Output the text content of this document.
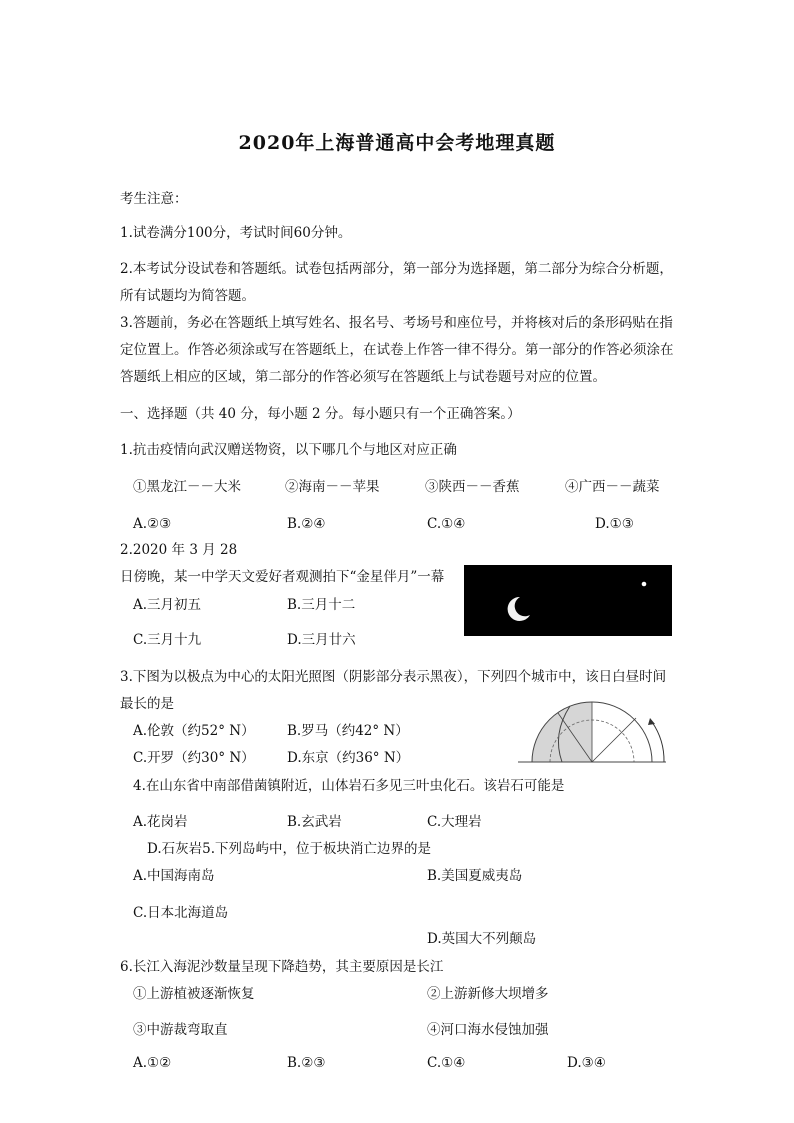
2020年上海普通高中会考地理真题
考生注意：
1.试卷满分100分，考试时间60分钟。
2.本考试分设试卷和答题纸。试卷包括两部分，第一部分为选择题，第二部分为综合分析题，
所有试题均为简答题。
3.答题前，务必在答题纸上填写姓名、报名号、考场号和座位号，并将核对后的条形码贴在指
定位置上。作答必须涂或写在答题纸上，在试卷上作答一律不得分。第一部分的作答必须涂在
答题纸上相应的区域，第二部分的作答必须写在答题纸上与试卷题号对应的位置。
一、选择题（共 40 分，每小题 2 分。每小题只有一个正确答案。）
1.抗击疫情向武汉赠送物资，以下哪几个与地区对应正确
①黑龙江－－大米	②海南－－苹果	③陕西－－香蕉	④广西－－蔬菜
A.②③	B.②④	C.①④	D.①③
2.2020 年 3 月 28
日傍晚，某一中学天文爱好者观测拍下“金星伴月”一幕
A.三月初五	B.三月十二
C.三月十九	D.三月廿六
3.下图为以极点为中心的太阳光照图（阴影部分表示黑夜），下列四个城市中，该日白昼时间
最长的是
A.伦敦（约52° N） B.罗马（约42° N）
C.开罗（约30° N） D.东京（约36° N）
4.在山东省中南部借菌镇附近，山体岩石多见三叶虫化石。该岩石可能是
A.花岗岩	B.玄武岩	C.大理岩
D.石灰岩5.下列岛屿中，位于板块消亡边界的是
A.中国海南岛	B.美国夏威夷岛
C.日本北海道岛
D.英国大不列颠岛
6.长江入海泥沙数量呈现下降趋势，其主要原因是长江
①上游植被逐渐恢复	②上游新修大坝增多
③中游裁弯取直	④河口海水侵蚀加强
A.①②	B.②③	C.①④	D.③④
